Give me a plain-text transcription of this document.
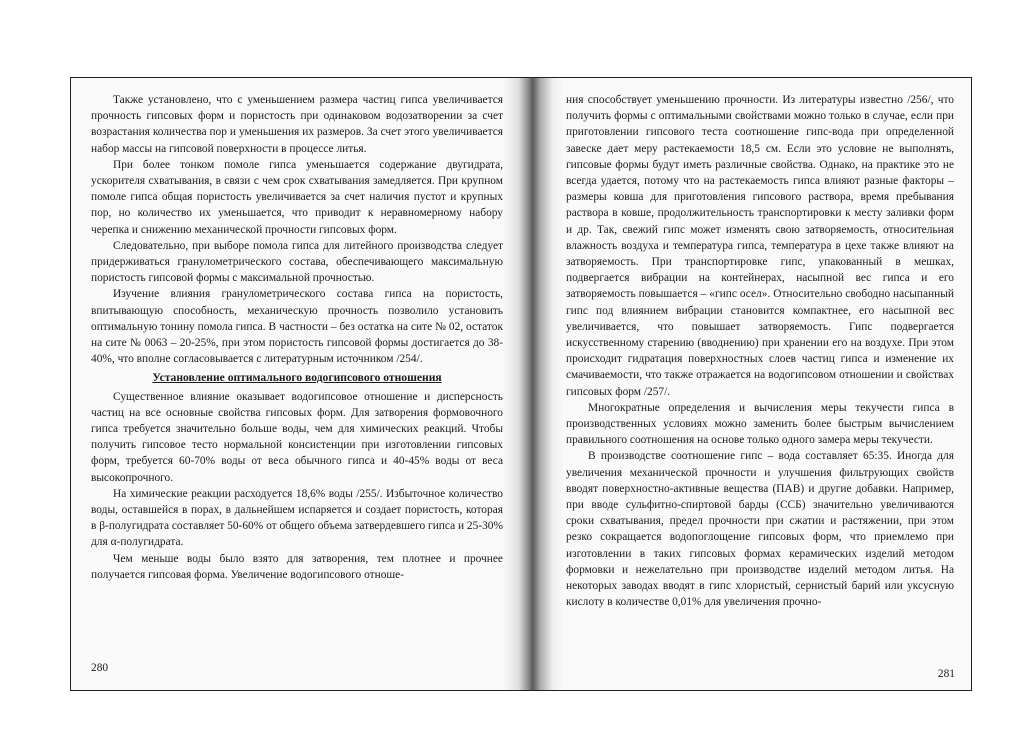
Также установлено, что с уменьшением размера частиц гипса увеличивается прочность гипсовых форм и пористость при одинаковом водозатворении за счет возрастания количества пор и уменьшения их размеров. За счет этого увеличивается набор массы на гипсовой поверхности в процессе литья.

При более тонком помоле гипса уменьшается содержание двугидрата, ускорителя схватывания, в связи с чем срок схватывания замедляется. При крупном помоле гипса общая пористость увеличивается за счет наличия пустот и крупных пор, но количество их уменьшается, что приводит к неравномерному набору черепка и снижению механической прочности гипсовых форм.

Следовательно, при выборе помола гипса для литейного производства следует придерживаться гранулометрического состава, обеспечивающего максимальную пористость гипсовой формы с максимальной прочностью.

Изучение влияния гранулометрического состава гипса на пористость, впитывающую способность, механическую прочность позволило установить оптимальную тонину помола гипса. В частности – без остатка на сите № 02, остаток на сите № 0063 – 20-25%, при этом пористость гипсовой формы достигается до 38-40%, что вполне согласовывается с литературным источником /254/.

Установление оптимального водогипсового отношения

Существенное влияние оказывает водогипсовое отношение и дисперсность частиц на все основные свойства гипсовых форм. Для затворения формовочного гипса требуется значительно больше воды, чем для химических реакций. Чтобы получить гипсовое тесто нормальной консистенции при изготовлении гипсовых форм, требуется 60-70% воды от веса обычного гипса и 40-45% воды от веса высокопрочного.

На химические реакции расходуется 18,6% воды /255/. Избыточное количество воды, оставшейся в порах, в дальнейшем испаряется и создает пористость, которая в β-полугидрата составляет 50-60% от общего объема затвердевшего гипса и 25-30% для α-полугидрата.

Чем меньше воды было взято для затворения, тем плотнее и прочнее получается гипсовая форма. Увеличение водогипсового отноше-

280

ния способствует уменьшению прочности. Из литературы известно /256/, что получить формы с оптимальными свойствами можно только в случае, если при приготовлении гипсового теста соотношение гипс-вода при определенной завеске дает меру растекаемости 18,5 см. Если это условие не выполнять, гипсовые формы будут иметь различные свойства. Однако, на практике это не всегда удается, потому что на растекаемость гипса влияют разные факторы – размеры ковша для приготовления гипсового раствора, время пребывания раствора в ковше, продолжительность транспортировки к месту заливки форм и др. Так, свежий гипс может изменять свою затворяемость, относительная влажность воздуха и температура гипса, температура в цехе также влияют на затворяемость. При транспортировке гипс, упакованный в мешках, подвергается вибрации на контейнерах, насыпной вес гипса и его затворяемость повышается – «гипс осел». Относительно свободно насыпанный гипс под влиянием вибрации становится компактнее, его насыпной вес увеличивается, что повышает затворяемость. Гипс подвергается искусственному старению (вводнению) при хранении его на воздухе. При этом происходит гидратация поверхностных слоев частиц гипса и изменение их смачиваемости, что также отражается на водогипсовом отношении и свойствах гипсовых форм /257/.

Многократные определения и вычисления меры текучести гипса в производственных условиях можно заменить более быстрым вычислением правильного соотношения на основе только одного замера меры текучести.

В производстве соотношение гипс – вода составляет 65:35. Иногда для увеличения механической прочности и улучшения фильтрующих свойств вводят поверхностно-активные вещества (ПАВ) и другие добавки. Например, при вводе сульфитно-спиртовой барды (ССБ) значительно увеличиваются сроки схватывания, предел прочности при сжатии и растяжении, при этом резко сокращается водопоглощение гипсовых форм, что приемлемо при изготовлении в таких гипсовых формах керамических изделий методом формовки и нежелательно при производстве изделий методом литья. На некоторых заводах вводят в гипс хлористый, сернистый барий или уксусную кислоту в количестве 0,01% для увеличения прочно-

281
